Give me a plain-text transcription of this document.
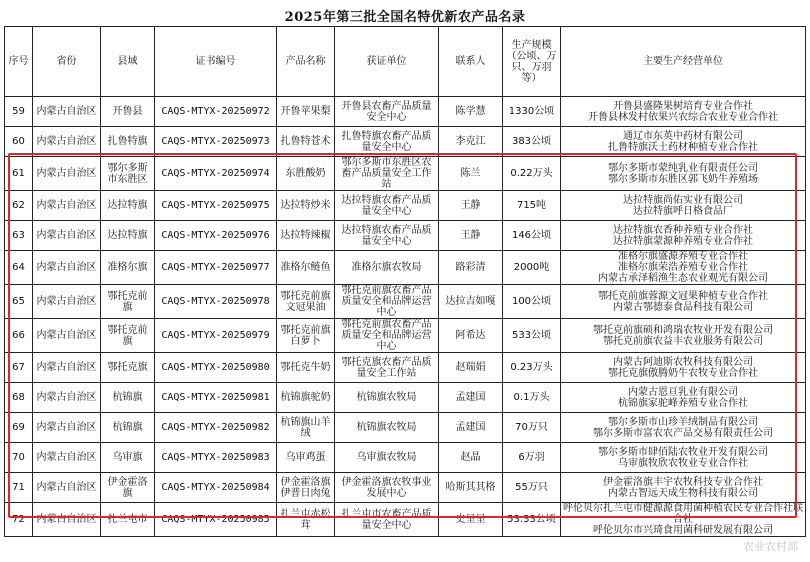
2025年第三批全国名特优新农产品名录
序号	省份	县域	证书编号	产品名称	获证单位	联系人	生产规模（公顷、万只、万羽等）	主要生产经营单位
59	内蒙古自治区	开鲁县	CAQS-MTYX-20250972	开鲁苹果梨	开鲁县农畜产品质量安全中心	陈学慧	1330公顷	开鲁县盛隆果树培育专业合作社
开鲁县林发村依果兴农综合农业专业合作社
60	内蒙古自治区	扎鲁特旗	CAQS-MTYX-20250973	扎鲁特苍术	扎鲁特旗农畜产品质量安全中心	李克江	383公顷	通辽市东英中药材有限公司
扎鲁特旗沃土药材种植专业合作社
61	内蒙古自治区	鄂尔多斯市东胜区	CAQS-MTYX-20250974	东胜酸奶	鄂尔多斯市东胜区农畜产品质量安全工作站	陈兰	0.22万头	鄂尔多斯市蒙纯乳业有限责任公司
鄂尔多斯市东胜区郭飞奶牛养殖场
62	内蒙古自治区	达拉特旗	CAQS-MTYX-20250975	达拉特炒米	达拉特旗农畜产品质量安全中心	王静	715吨	达拉特旗尚佑实业有限公司
达拉特旗呼日格食品厂
63	内蒙古自治区	达拉特旗	CAQS-MTYX-20250976	达拉特辣椒	达拉特旗农畜产品质量安全中心	王静	146公顷	达拉特旗农香种养殖专业合作社
达拉特旗蒙源种养殖专业合作社
64	内蒙古自治区	准格尔旗	CAQS-MTYX-20250977	准格尔鲢鱼	准格尔旗农牧局	路彩清	2000吨	准格尔旗盛源养殖专业合作社
准格尔旗荣浩养殖专业合作社
内蒙古承泽稻渔生态农业观光有限公司
65	内蒙古自治区	鄂托克前旗	CAQS-MTYX-20250978	鄂托克前旗文冠果油	鄂托克前旗农畜产品质量安全和品牌运营中心	达拉吉如嘎	100公顷	鄂托克前旗蓉源文冠果种植专业合作社
内蒙古鄂德泰食品科技有限公司
66	内蒙古自治区	鄂托克前旗	CAQS-MTYX-20250979	鄂托克前旗白萝卜	鄂托克前旗农畜产品质量安全和品牌运营中心	阿希达	533公顷	鄂托克前旗硕和鸿瑞农牧业开发有限公司
鄂托克前旗农益丰农业服务有限公司
67	内蒙古自治区	鄂托克旗	CAQS-MTYX-20250980	鄂托克牛奶	鄂托克旗农畜产品质量安全工作站	赵瑞娟	0.23万头	内蒙古阿迪斯农牧科技有限公司
鄂托克旗傲腾奶牛农牧专业合作社
68	内蒙古自治区	杭锦旗	CAQS-MTYX-20250981	杭锦旗驼奶	杭锦旗农牧局	孟建国	0.1万头	内蒙古恩亘乳业有限公司
杭锦旗家驼峰养殖专业合作社
69	内蒙古自治区	杭锦旗	CAQS-MTYX-20250982	杭锦旗山羊绒	杭锦旗农牧局	孟建国	70万只	鄂尔多斯市山珍羊绒制品有限公司
鄂尔多斯市富农农产品交易有限责任公司
70	内蒙古自治区	乌审旗	CAQS-MTYX-20250983	乌审鸡蛋	乌审旗农牧局	赵晶	6万羽	鄂尔多斯市肆佰陆农牧业开发有限公司
乌审旗牧欣农牧业专业合作社
71	内蒙古自治区	伊金霍洛旗	CAQS-MTYX-20250984	伊金霍洛旗伊普日肉兔	伊金霍洛旗农牧事业发展中心	哈斯其其格	55万只	伊金霍洛旗丰宇农牧科技专业合作社
内蒙古智远天成生物科技有限公司
72	内蒙古自治区	扎兰屯市	CAQS-MTYX-20250985	扎兰屯赤松茸	扎兰屯市农畜产品质量安全中心	史呈呈	53.33公顷	呼伦贝尔扎兰屯市健源源食用菌种植农民专业合作社联合社
呼伦贝尔市兴琦食用菌科研发展有限公司
农业农村部
